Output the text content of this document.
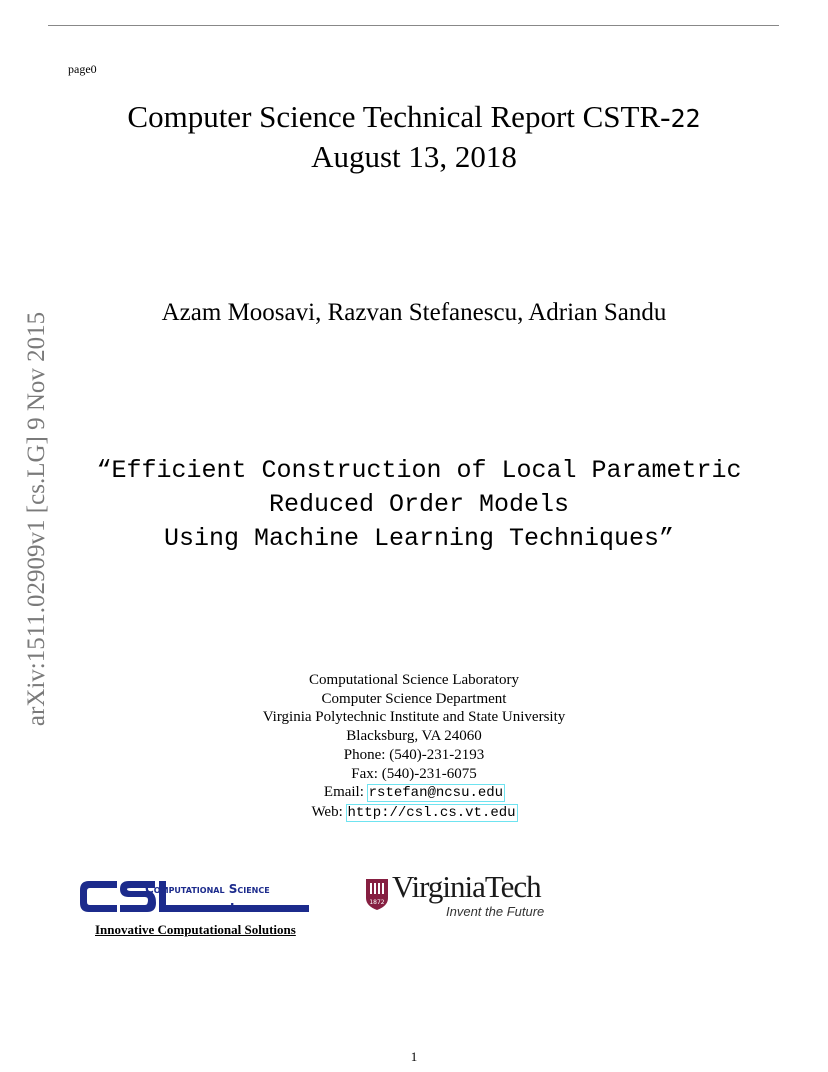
page0
arXiv:1511.02909v1 [cs.LG] 9 Nov 2015
Computer Science Technical Report CSTR-22
August 13, 2018
Azam Moosavi, Razvan Stefanescu, Adrian Sandu
“Efficient Construction of Local Parametric
Reduced Order Models
Using Machine Learning Techniques”
Computational Science Laboratory
Computer Science Department
Virginia Polytechnic Institute and State University
Blacksburg, VA 24060
Phone: (540)-231-2193
Fax: (540)-231-6075
Email: rstefan@ncsu.edu
Web: http://csl.cs.vt.edu
Computational Science
Laboratory
Innovative Computational Solutions
1872 VirginiaTech
Invent the Future
1
